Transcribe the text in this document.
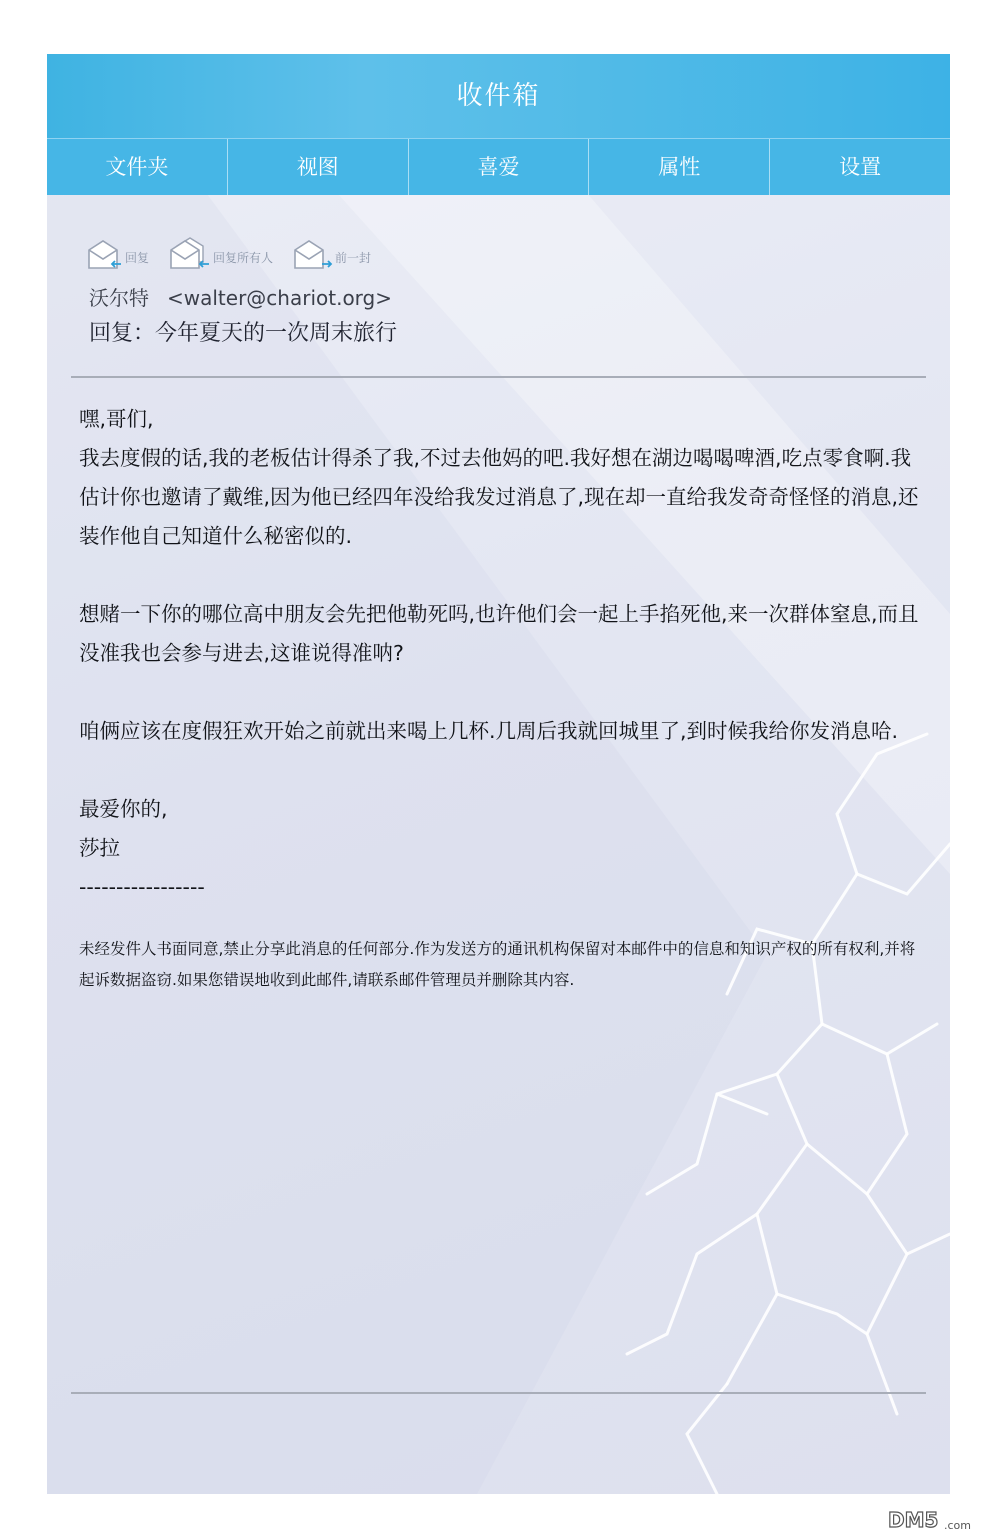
收件箱
文件夹	视图	喜爱	属性	设置
回复	回复所有人	前一封
沃尔特 <walter@chariot.org>
回复：今年夏天的一次周末旅行

嘿,哥们,

我去度假的话,我的老板估计得杀了我,不过去他妈的吧.我好想在湖边喝喝啤酒,吃点零食啊.我估计你也邀请了戴维,因为他已经四年没给我发过消息了,现在却一直给我发奇奇怪怪的消息,还装作他自己知道什么秘密似的.

想赌一下你的哪位高中朋友会先把他勒死吗,也许他们会一起上手掐死他,来一次群体窒息,而且没准我也会参与进去,这谁说得准呐?

咱俩应该在度假狂欢开始之前就出来喝上几杯.几周后我就回城里了,到时候我给你发消息哈.

最爱你的,

莎拉

-----------------

未经发件人书面同意,禁止分享此消息的任何部分.作为发送方的通讯机构保留对本邮件中的信息和知识产权的所有权利,并将起诉数据盗窃.如果您错误地收到此邮件,请联系邮件管理员并删除其内容.
DM5 .com
